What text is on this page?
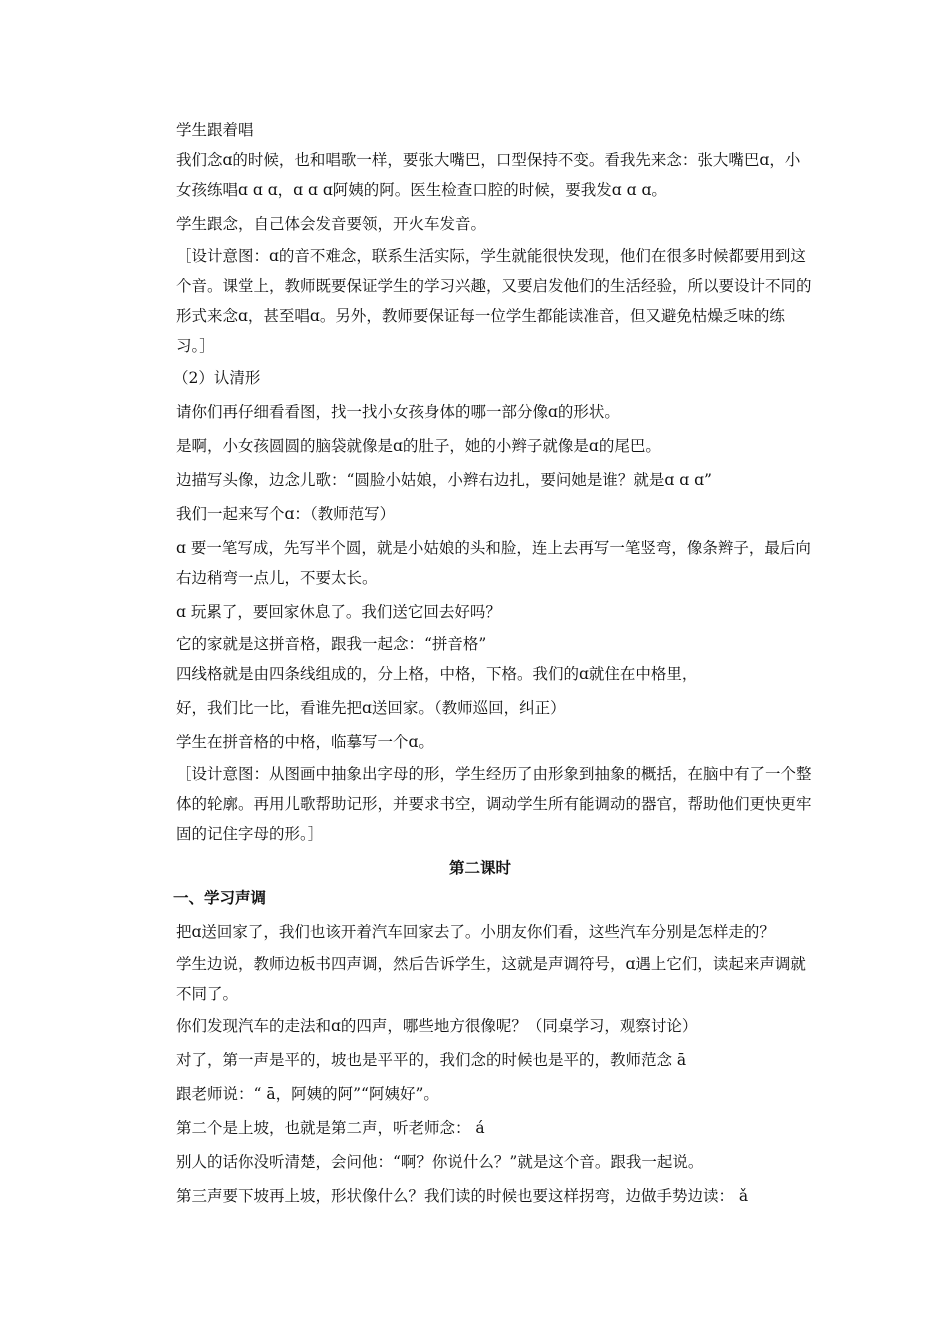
学生跟着唱

我们念ɑ的时候，也和唱歌一样，要张大嘴巴，口型保持不变。看我先来念：张大嘴巴ɑ，小女孩练唱ɑ ɑ ɑ，ɑ ɑ ɑ阿姨的阿。医生检查口腔的时候，要我发ɑ ɑ ɑ。

学生跟念，自己体会发音要领，开火车发音。

［设计意图：ɑ的音不难念，联系生活实际，学生就能很快发现，他们在很多时候都要用到这个音。课堂上，教师既要保证学生的学习兴趣，又要启发他们的生活经验，所以要设计不同的形式来念ɑ，甚至唱ɑ。另外，教师要保证每一位学生都能读准音，但又避免枯燥乏味的练习。］

（2）认清形

请你们再仔细看看图，找一找小女孩身体的哪一部分像ɑ的形状。

是啊，小女孩圆圆的脑袋就像是ɑ的肚子，她的小辫子就像是ɑ的尾巴。

边描写头像，边念儿歌：“圆脸小姑娘，小辫右边扎，要问她是谁？就是ɑ ɑ ɑ”

我们一起来写个ɑ：（教师范写）

ɑ 要一笔写成，先写半个圆，就是小姑娘的头和脸，连上去再写一笔竖弯，像条辫子，最后向右边稍弯一点儿，不要太长。

ɑ 玩累了，要回家休息了。我们送它回去好吗？

它的家就是这拼音格，跟我一起念：“拼音格”

四线格就是由四条线组成的，分上格，中格，下格。我们的ɑ就住在中格里，

好，我们比一比，看谁先把ɑ送回家。（教师巡回，纠正）

学生在拼音格的中格，临摹写一个ɑ。

［设计意图：从图画中抽象出字母的形，学生经历了由形象到抽象的概括，在脑中有了一个整体的轮廓。再用儿歌帮助记形，并要求书空，调动学生所有能调动的器官，帮助他们更快更牢固的记住字母的形。］

第二课时

一、学习声调

把ɑ送回家了，我们也该开着汽车回家去了。小朋友你们看，这些汽车分别是怎样走的？

学生边说，教师边板书四声调，然后告诉学生，这就是声调符号，ɑ遇上它们，读起来声调就不同了。

你们发现汽车的走法和ɑ的四声，哪些地方很像呢？（同桌学习，观察讨论）

对了，第一声是平的，坡也是平平的，我们念的时候也是平的，教师范念 ā

跟老师说：“ ā，阿姨的阿”“阿姨好”。

第二个是上坡，也就是第二声，听老师念： á

别人的话你没听清楚，会问他：“啊？你说什么？”就是这个音。跟我一起说。

第三声要下坡再上坡，形状像什么？我们读的时候也要这样拐弯，边做手势边读： ǎ
